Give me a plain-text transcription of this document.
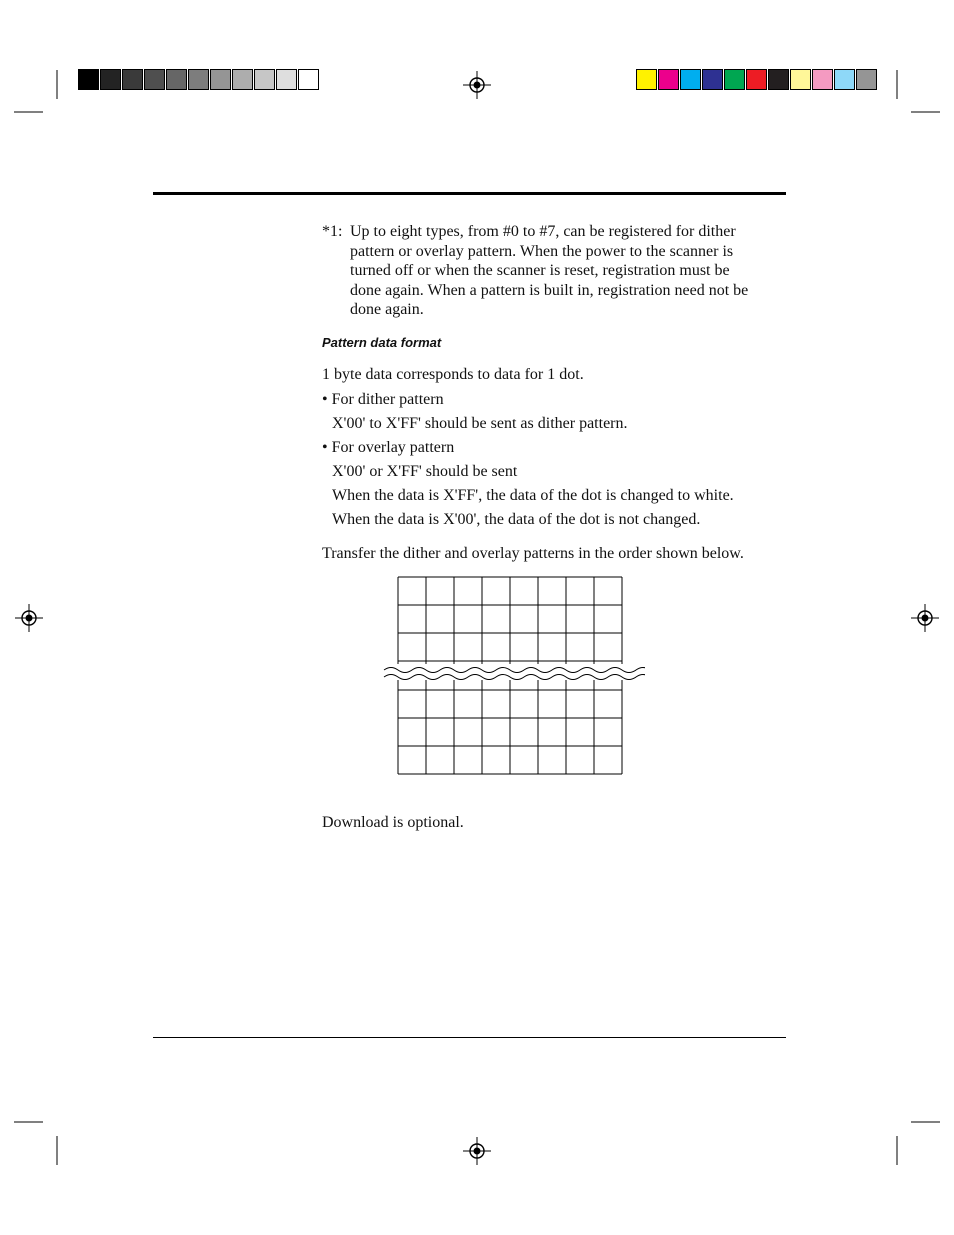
*1: Up to eight types, from #0 to #7, can be registered for dither
pattern or overlay pattern. When the power to the scanner is
turned off or when the scanner is reset, registration must be
done again. When a pattern is built in, registration need not be
done again.
Pattern data format
1 byte data corresponds to data for 1 dot.
• For dither pattern
X'00' to X'FF' should be sent as dither pattern.
• For overlay pattern
X'00' or X'FF' should be sent
When the data is X'FF', the data of the dot is changed to white.
When the data is X'00', the data of the dot is not changed.
Transfer the dither and overlay patterns in the order shown below.
Download is optional.
